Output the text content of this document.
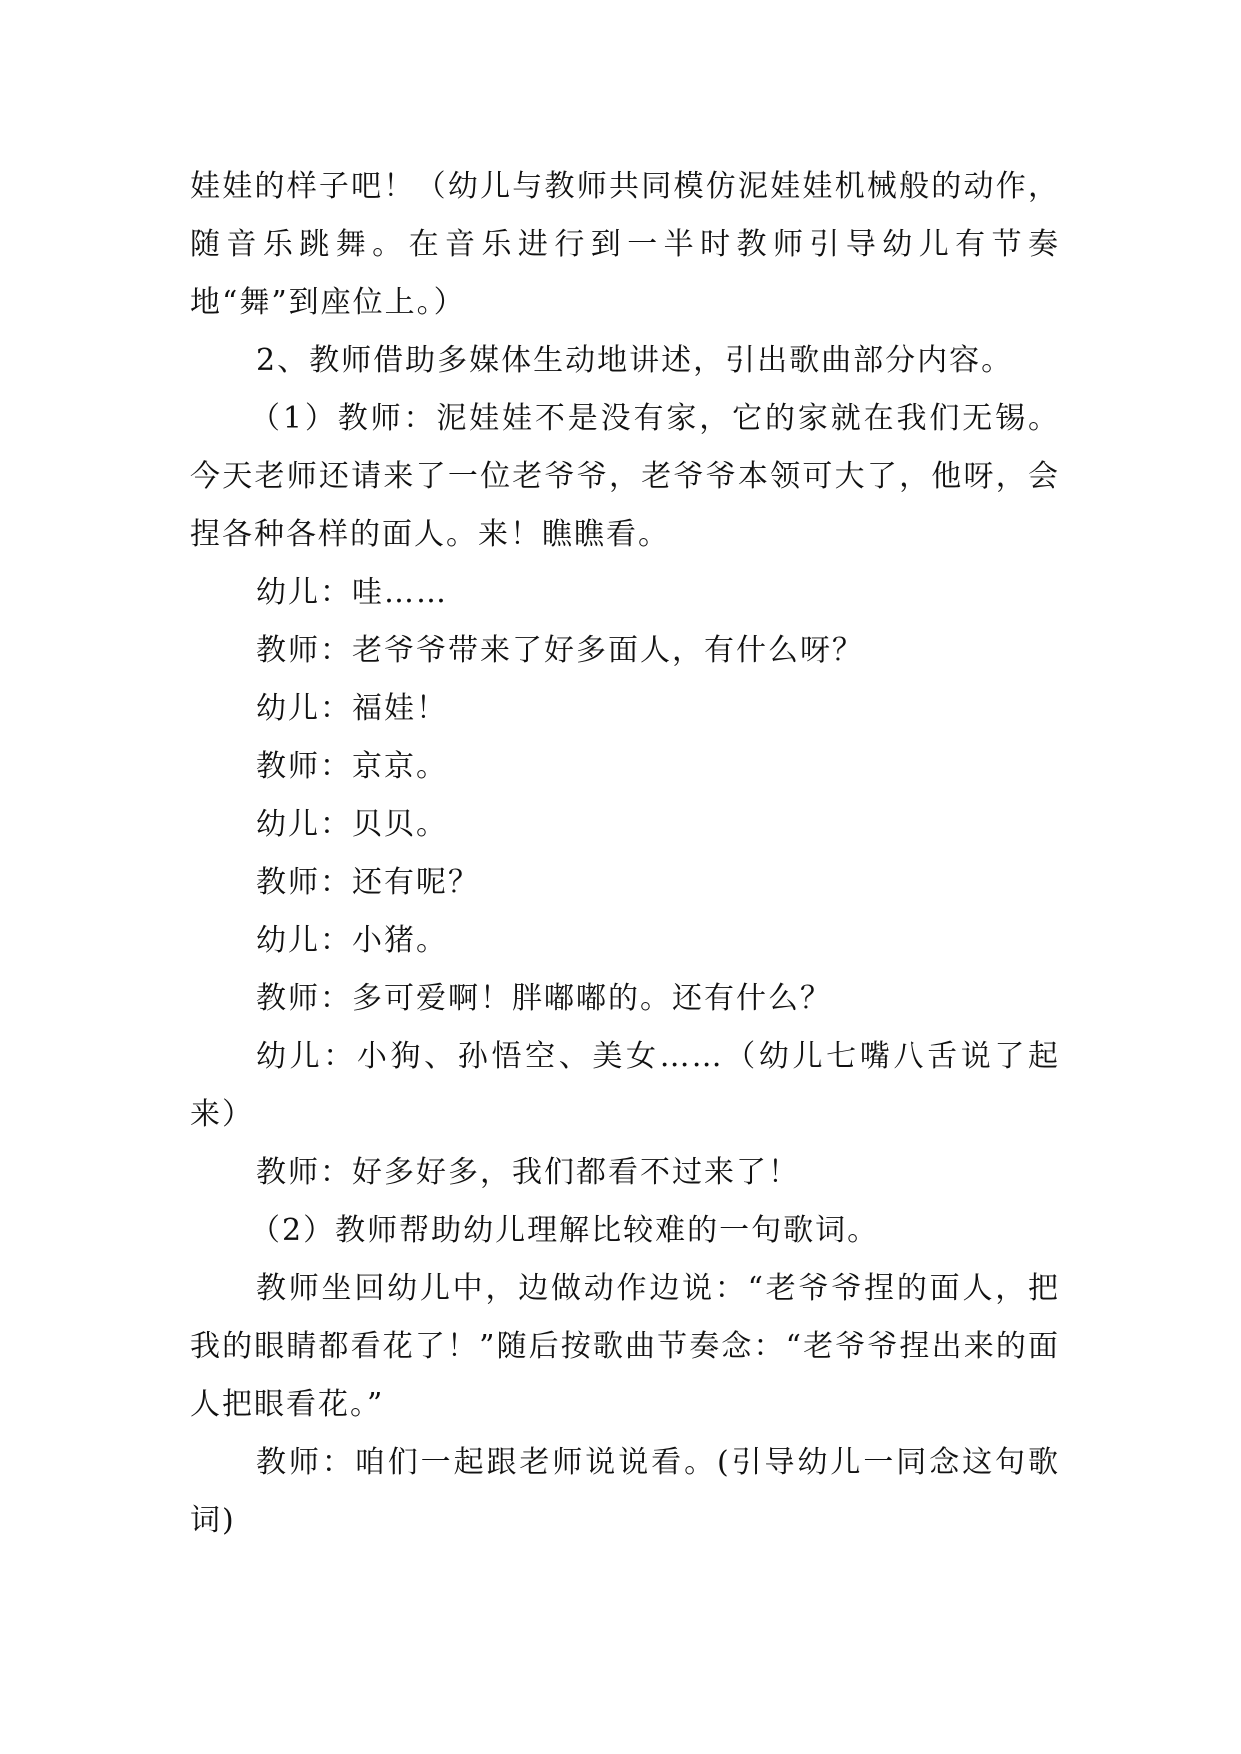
娃娃的样子吧！（幼儿与教师共同模仿泥娃娃机械般的动作，随音乐跳舞。在音乐进行到一半时教师引导幼儿有节奏地“舞”到座位上。）

2、教师借助多媒体生动地讲述，引出歌曲部分内容。

（1）教师：泥娃娃不是没有家，它的家就在我们无锡。今天老师还请来了一位老爷爷，老爷爷本领可大了，他呀，会捏各种各样的面人。来！瞧瞧看。

幼儿：哇……

教师：老爷爷带来了好多面人，有什么呀？

幼儿：福娃！

教师：京京。

幼儿：贝贝。

教师：还有呢？

幼儿：小猪。

教师：多可爱啊！胖嘟嘟的。还有什么？

幼儿：小狗、孙悟空、美女……（幼儿七嘴八舌说了起来）

教师：好多好多，我们都看不过来了！

（2）教师帮助幼儿理解比较难的一句歌词。

教师坐回幼儿中，边做动作边说：“老爷爷捏的面人，把我的眼睛都看花了！”随后按歌曲节奏念：“老爷爷捏出来的面人把眼看花。”

教师：咱们一起跟老师说说看。(引导幼儿一同念这句歌词)
